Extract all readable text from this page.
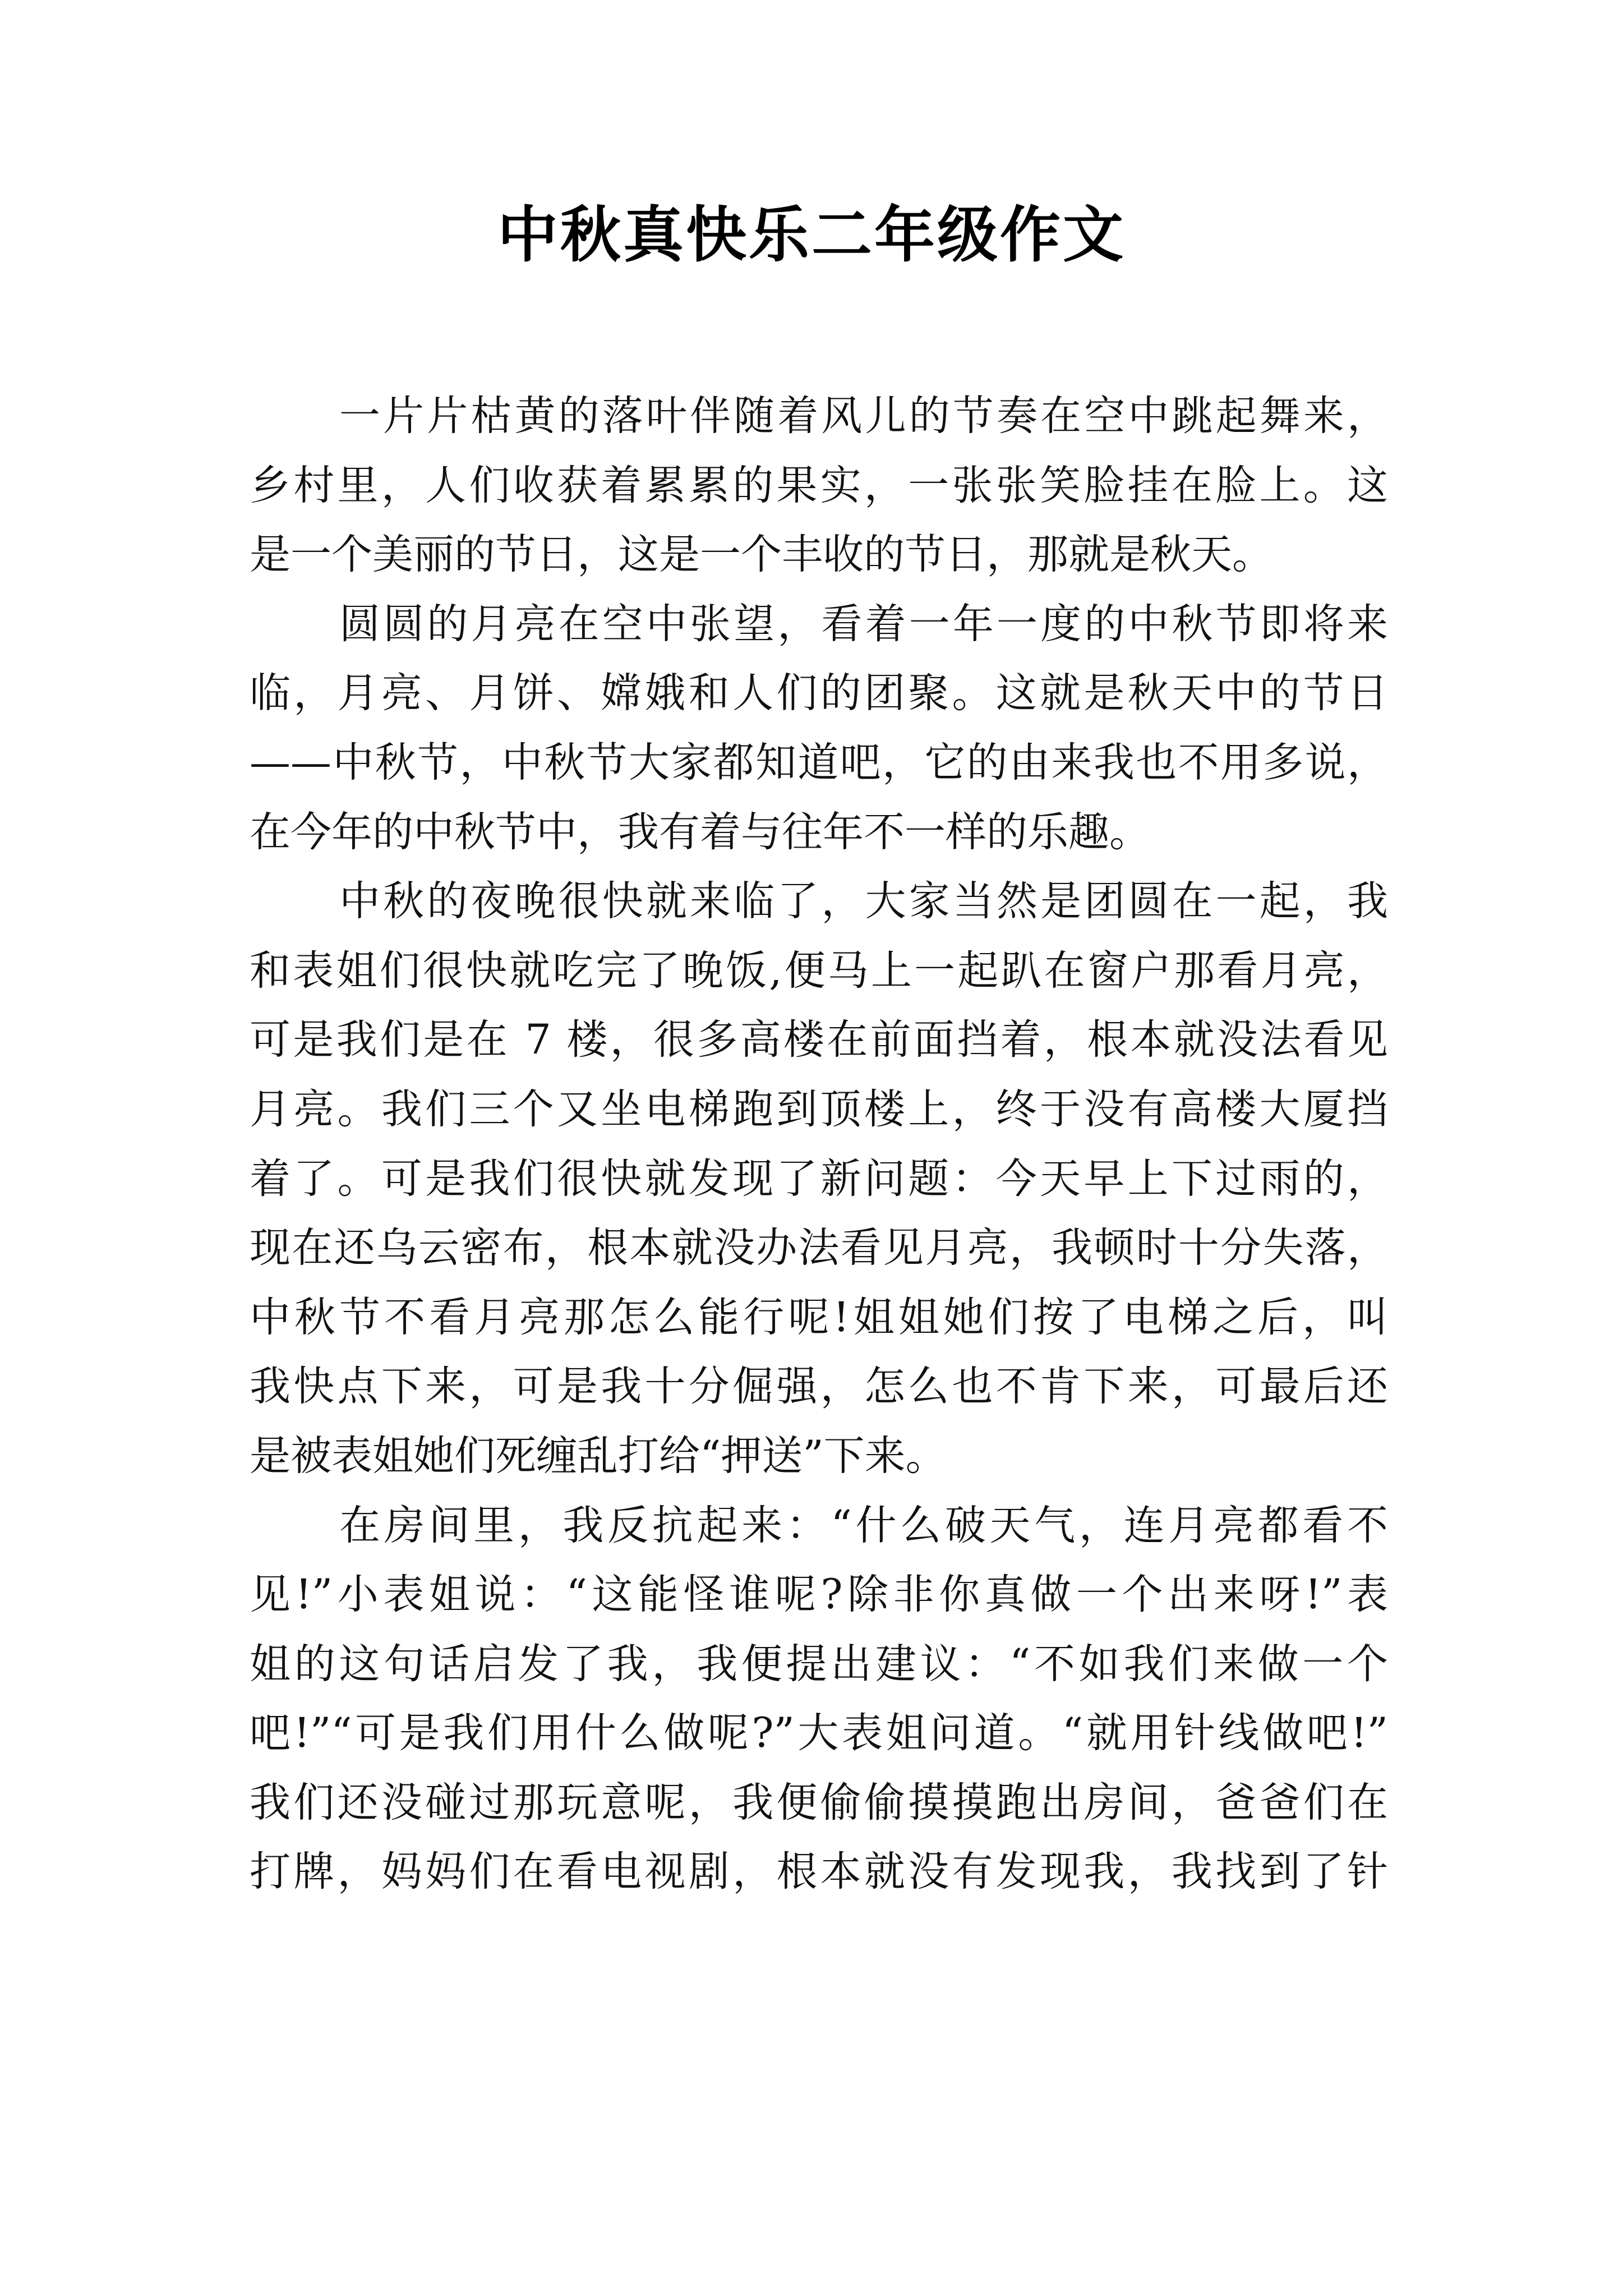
中秋真快乐二年级作文
一片片枯黄的落叶伴随着风儿的节奏在空中跳起舞来，
乡村里，人们收获着累累的果实，一张张笑脸挂在脸上。这
是一个美丽的节日，这是一个丰收的节日，那就是秋天。
圆圆的月亮在空中张望，看着一年一度的中秋节即将来
临，月亮、月饼、嫦娥和人们的团聚。这就是秋天中的节日
——中秋节，中秋节大家都知道吧，它的由来我也不用多说，
在今年的中秋节中，我有着与往年不一样的乐趣。
中秋的夜晚很快就来临了，大家当然是团圆在一起，我
和表姐们很快就吃完了晚饭,便马上一起趴在窗户那看月亮，
可是我们是在 7 楼，很多高楼在前面挡着，根本就没法看见
月亮。我们三个又坐电梯跑到顶楼上，终于没有高楼大厦挡
着了。可是我们很快就发现了新问题：今天早上下过雨的，
现在还乌云密布，根本就没办法看见月亮，我顿时十分失落，
中秋节不看月亮那怎么能行呢!姐姐她们按了电梯之后，叫
我快点下来，可是我十分倔强，怎么也不肯下来，可最后还
是被表姐她们死缠乱打给“押送”下来。
在房间里，我反抗起来：“什么破天气，连月亮都看不
见!”小表姐说：“这能怪谁呢?除非你真做一个出来呀!”表
姐的这句话启发了我，我便提出建议：“不如我们来做一个
吧!”“可是我们用什么做呢?”大表姐问道。“就用针线做吧!”
我们还没碰过那玩意呢，我便偷偷摸摸跑出房间，爸爸们在
打牌，妈妈们在看电视剧，根本就没有发现我，我找到了针
